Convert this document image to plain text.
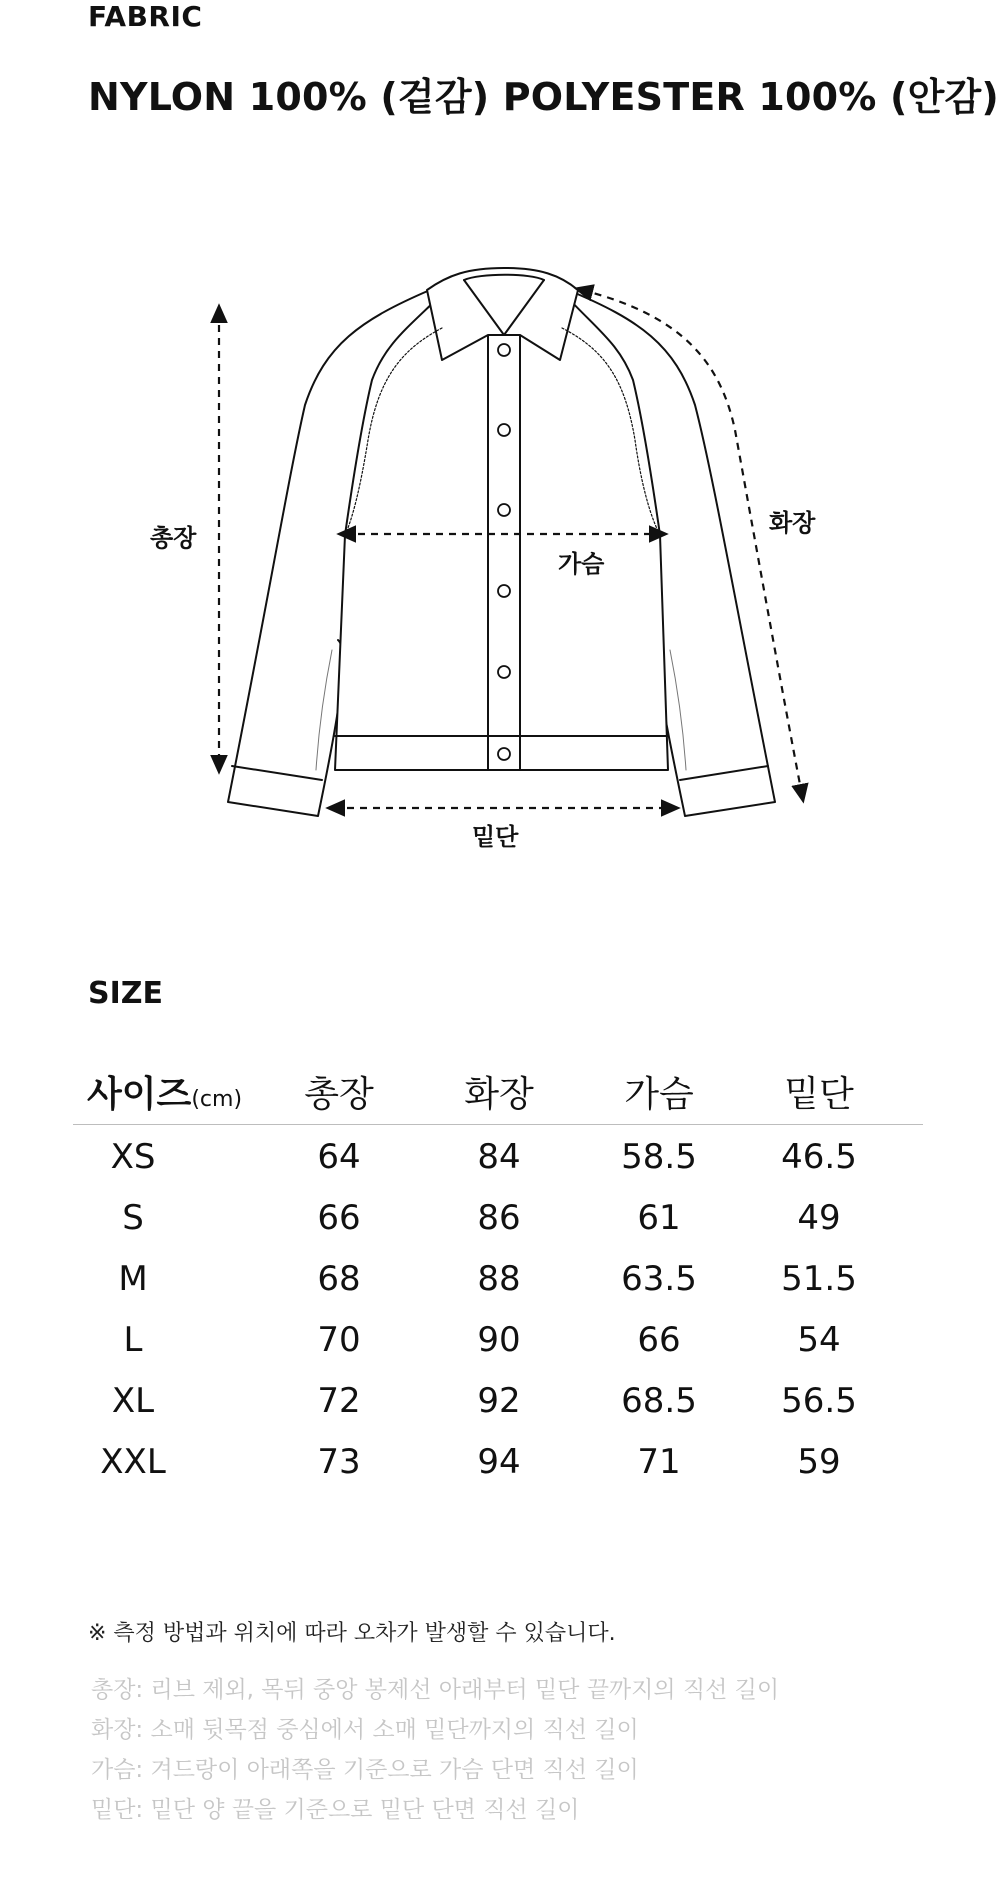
FABRIC
NYLON 100% (겉감) POLYESTER 100% (안감)
총장
화장
가슴
밑단
SIZE
사이즈(cm)	총장	화장	가슴	밑단
XS	64	84	58.5	46.5
S	66	86	61	49
M	68	88	63.5	51.5
L	70	90	66	54
XL	72	92	68.5	56.5
XXL	73	94	71	59
※ 측정 방법과 위치에 따라 오차가 발생할 수 있습니다.
총장: 리브 제외, 목뒤 중앙 봉제선 아래부터 밑단 끝까지의 직선 길이
화장: 소매 뒷목점 중심에서 소매 밑단까지의 직선 길이
가슴: 겨드랑이 아래쪽을 기준으로 가슴 단면 직선 길이
밑단: 밑단 양 끝을 기준으로 밑단 단면 직선 길이
